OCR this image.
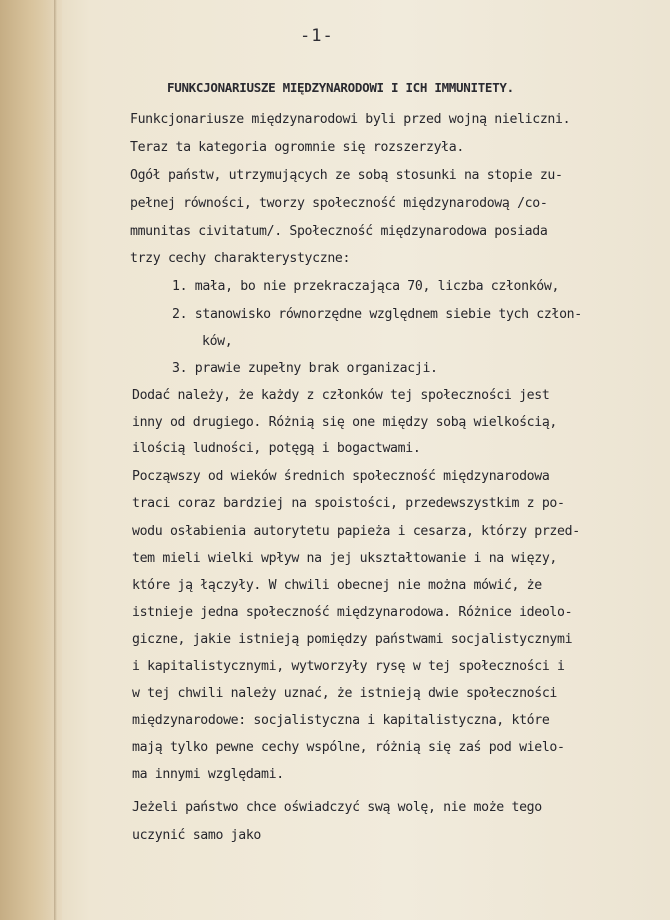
-1-
FUNKCJONARIUSZE MIĘDZYNARODOWI I ICH IMMUNITETY.
Funkcjonariusze międzynarodowi byli przed wojną nieliczni.
Teraz ta kategoria ogromnie się rozszerzyła.
Ogół państw, utrzymujących ze sobą stosunki na stopie zu-
pełnej równości, tworzy społeczność międzynarodową /co-
mmunitas civitatum/. Społeczność międzynarodowa posiada
trzy cechy charakterystyczne:
1. mała, bo nie przekraczająca 70, liczba członków,
2. stanowisko równorzędne względnem siebie tych człon-
ków,
3. prawie zupełny brak organizacji.
Dodać należy, że każdy z członków tej społeczności jest
inny od drugiego. Różnią się one między sobą wielkością,
ilością ludności, potęgą i bogactwami.
Począwszy od wieków średnich społeczność międzynarodowa
traci coraz bardziej na spoistości, przedewszystkim z po-
wodu osłabienia autorytetu papieża i cesarza, którzy przed-
tem mieli wielki wpływ na jej ukształtowanie i na więzy,
które ją łączyły. W chwili obecnej nie można mówić, że
istnieje jedna społeczność międzynarodowa. Różnice ideolo-
giczne, jakie istnieją pomiędzy państwami socjalistycznymi
i kapitalistycznymi, wytworzyły rysę w tej społeczności i
w tej chwili należy uznać, że istnieją dwie społeczności
międzynarodowe: socjalistyczna i kapitalistyczna, które
mają tylko pewne cechy wspólne, różnią się zaś pod wielo-
ma innymi względami.
Jeżeli państwo chce oświadczyć swą wolę, nie może tego
uczynić samo jako
